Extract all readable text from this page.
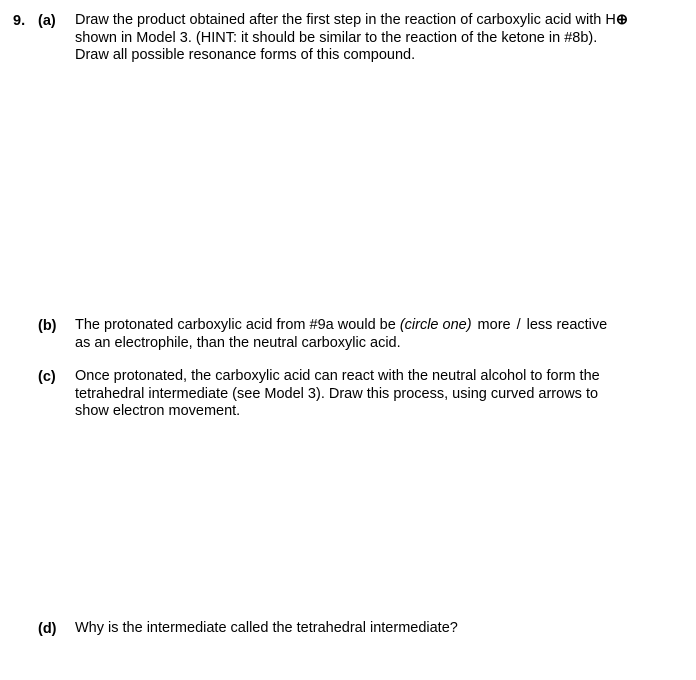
9. (a)	Draw the product obtained after the first step in the reaction of carboxylic acid with H⊕
shown in Model 3. (HINT: it should be similar to the reaction of the ketone in #8b).
Draw all possible resonance forms of this compound.
(b)	The protonated carboxylic acid from #9a would be (circle one) more / less reactive
as an electrophile, than the neutral carboxylic acid.
(c)	Once protonated, the carboxylic acid can react with the neutral alcohol to form the
tetrahedral intermediate (see Model 3). Draw this process, using curved arrows to
show electron movement.
(d)	Why is the intermediate called the tetrahedral intermediate?
